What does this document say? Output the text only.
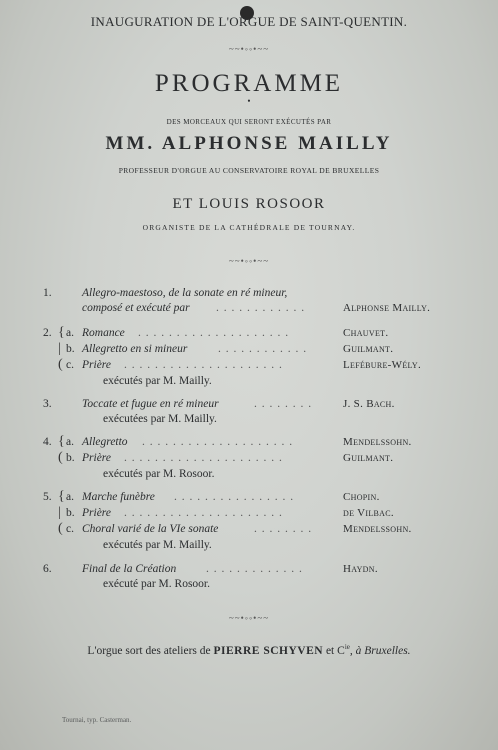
INAUGURATION DE L'ORGUE DE SAINT-QUENTIN.
~~•◦◦•~~
PROGRAMME
•
DES MORCEAUX QUI SERONT EXÉCUTÉS PAR
MM. ALPHONSE MAILLY
PROFESSEUR D'ORGUE AU CONSERVATOIRE ROYAL DE BRUXELLES
ET LOUIS ROSOOR
ORGANISTE DE LA CATHÉDRALE DE TOURNAY.
~~•◦◦•~~
1.	Allegro-maestoso, de la sonate en ré mineur,
composé et exécuté par . . . . . . . . . . . .	Alphonse Mailly.
2. { a. Romance . . . . . . . . . . . . . . . . . . . .	Chauvet.
| b. Allegretto en si mineur	. . . . . . . . . . . .	Guilmant.
( c. Prière . . . . . . . . . . . . . . . . . . . . .	Lefébure-Wély.
exécutés par M. Mailly.
3.	Toccate et fugue en ré mineur	. . . . . . . .	J. S. Bach.
exécutées par M. Mailly.
4. { a. Allegretto . . . . . . . . . . . . . . . . . . . .	Mendelssohn.
( b. Prière . . . . . . . . . . . . . . . . . . . . .	Guilmant.
exécutés par M. Rosoor.
5. { a. Marche funèbre . . . . . . . . . . . . . . . .	Chopin.
| b. Prière . . . . . . . . . . . . . . . . . . . . .	de Vilbac.
( c. Choral varié de la VIe sonate	. . . . . . . .	Mendelssohn.
exécutés par M. Mailly.
6.	Final de la Création	. . . . . . . . . . . . .	Haydn.
exécuté par M. Rosoor.
~~•◦◦•~~
L'orgue sort des ateliers de PIERRE SCHYVEN et $C^{ie}$, à Bruxelles.
Tournai, typ. Casterman.
